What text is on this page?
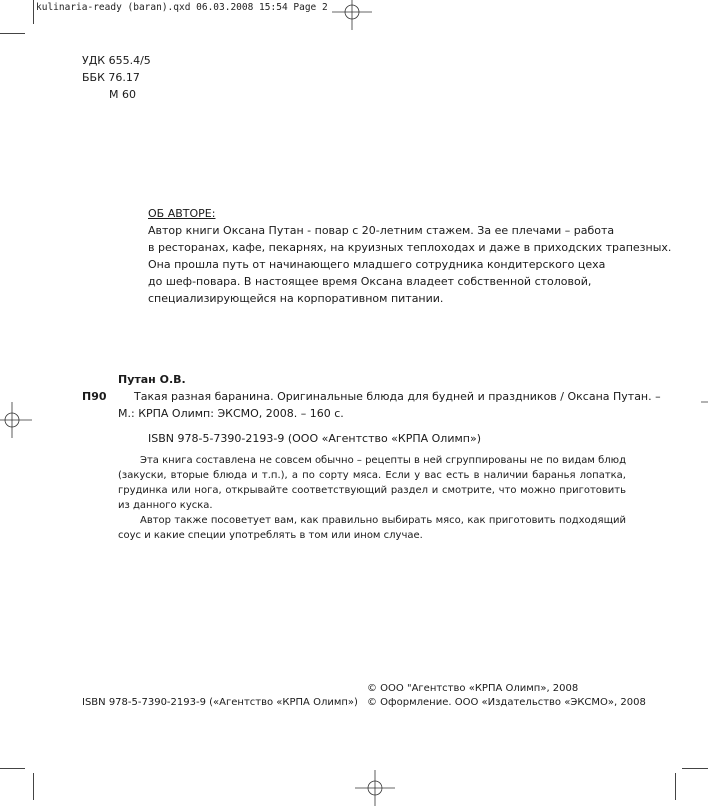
kulinaria-ready (baran).qxd 06.03.2008 15:54 Page 2
УДК 655.4/5
ББК 76.17
М 60
ОБ АВТОРЕ:
Автор книги Оксана Путан - повар с 20-летним стажем. За ее плечами – работа
в ресторанах, кафе, пекарнях, на круизных теплоходах и даже в приходских трапезных.
Она прошла путь от начинающего младшего сотрудника кондитерского цеха
до шеф-повара. В настоящее время Оксана владеет собственной столовой,
специализирующейся на корпоративном питании.
Путан О.В.
П90 Такая разная баранина. Оригинальные блюда для будней и праздников / Оксана Путан. –
М.: КРПА Олимп: ЭКСМО, 2008. – 160 с.
ISBN 978-5-7390-2193-9 (ООО «Агентство «КРПА Олимп»)

Эта книга составлена не совсем обычно – рецепты в ней сгруппированы не по видам блюд (закуски, вторые блюда и т.п.), а по сорту мяса. Если у вас есть в наличии баранья лопатка, грудинка или нога, открывайте соответствующий раздел и смотрите, что можно приготовить из данного куска.

Автор также посоветует вам, как правильно выбирать мясо, как приготовить подходящий соус и какие специи употреблять в том или ином случае.

ISBN 978-5-7390-2193-9 («Агентство «КРПА Олимп»)
© ООО "Агентство «КРПА Олимп», 2008
© Оформление. ООО «Издательство «ЭКСМО», 2008
